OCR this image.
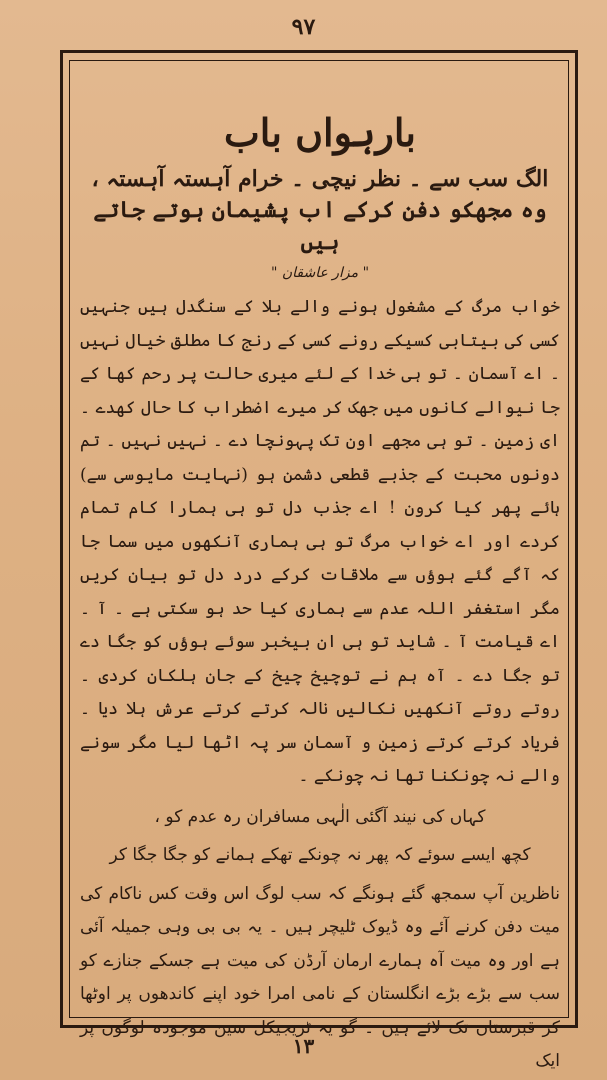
٩٧
بارہواں باب

الگ سب سے ۔ نظر نیچی ۔ خرام آہستہ آہستہ ،

وہ مجھکو دفن کرکے اب پشیمان ہوتے جاتے ہیں

" مزار عاشقان "

خواب مرگ کے مشغول ہونے والے بلا کے سنگدل ہیں جنہیں کسی کی بیتابی کسیکے رونے کسی کے رنج کا مطلق خیال نہیں ۔ اے آسمان ۔ تو ہی خدا کے لئے میری حالت پر رحم کھا کے جا نیوالے کانوں میں جھک کر میرے اضطراب کا حال کھدے ۔ ای زمین ۔ تو ہی مجھے اون تک پہونچا دے ۔ نہیں نہیں ۔ تم دونوں محبت کے جذبے قطعی دشمن ہو (نہایت مایوسی سے) ہائے پھر کیا کرون ! اے جذب دل تو ہی ہمارا کام تمام کردے اور اے خواب مرگ تو ہی ہماری آنکھوں میں سما جا کہ آگے گئے ہوؤں سے ملاقات کرکے درد دل تو بیان کریں مگر استغفر اللہ عدم سے ہماری کیا حد ہو سکتی ہے ۔ آ ۔ اے قیامت آ ۔ شاید تو ہی ان بیخبر سوئے ہوؤں کو جگا دے تو جگا دے ۔ آہ ہم نے توچیخ چیخ کے جان ہلکان کردی ۔ روتے روتے آنکھیں نکالیں نالہ کرتے کرتے عرش ہلا دیا ۔ فریاد کرتے کرتے زمین و آسمان سر پہ اٹھا لیا مگر سونے والے نہ چونکنا تھا نہ چونکے ۔

کہاں کی نیند آگئی الٰہی مسافران رہ عدم کو ،

کچھ ایسے سوئے کہ پھر نہ چونکے تھکے ہمانے کو جگا جگا کر

ناظرین آپ سمجھ گئے ہونگے کہ سب لوگ اس وقت کس ناکام کی میت دفن کرنے آئے وہ ڈیوک ٹلیچر ہیں ۔ یہ بی بی وہی جمیلہ آئی ہے اور وہ میت آہ ہمارے ارمان آرڈن کی میت ہے جسکے جنازے کو سب سے بڑے بڑے انگلستان کے نامی امرا خود اپنے کاندھوں پر اوٹھا کر قبرستان تک لائے ہیں ۔ گو یہ ٹریجیکل سین موجودہ لوگوں پر ایک

١٣
